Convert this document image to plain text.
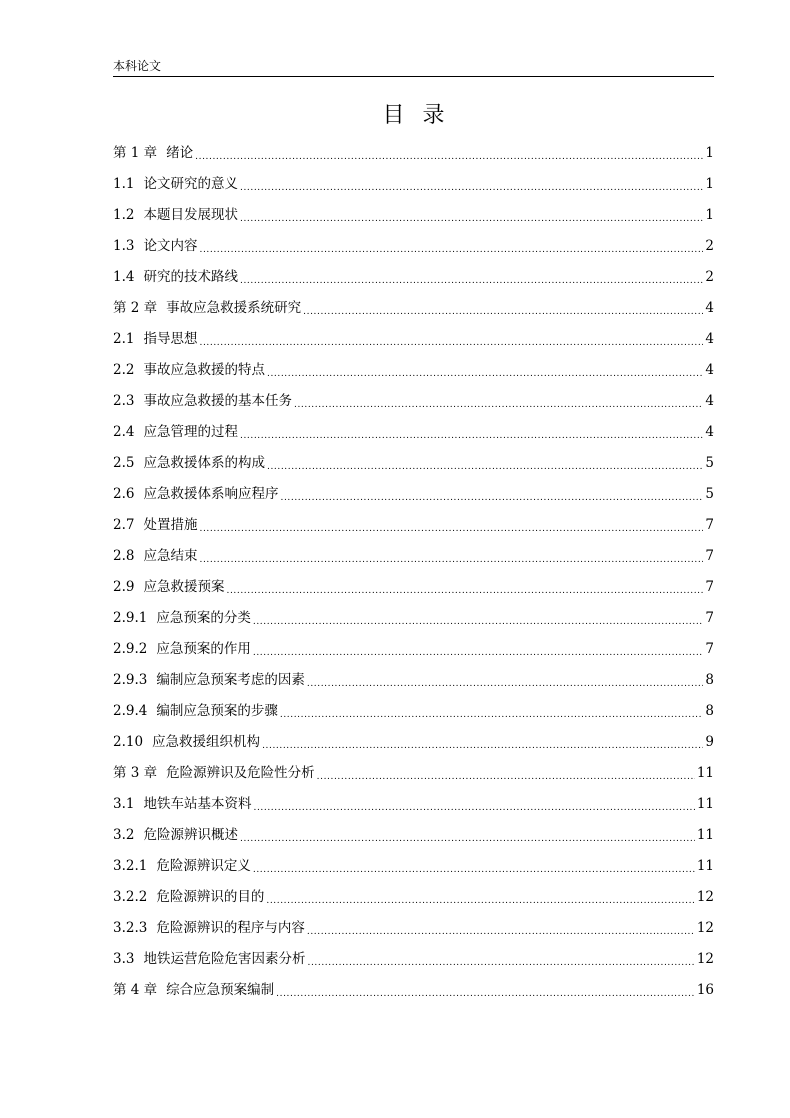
本科论文
目录
第 1 章 绪论 .....	1
1.1 论文研究的意义 .....	1
1.2 本题目发展现状 .....	1
1.3 论文内容 .....	2
1.4 研究的技术路线 .....	2
第 2 章 事故应急救援系统研究 .....	4
2.1 指导思想 .....	4
2.2 事故应急救援的特点 .....	4
2.3 事故应急救援的基本任务 .....	4
2.4 应急管理的过程 .....	4
2.5 应急救援体系的构成 .....	5
2.6 应急救援体系响应程序 .....	5
2.7 处置措施 .....	7
2.8 应急结束 .....	7
2.9 应急救援预案 .....	7
2.9.1 应急预案的分类 .....	7
2.9.2 应急预案的作用 .....	7
2.9.3 编制应急预案考虑的因素 .....	8
2.9.4 编制应急预案的步骤 .....	8
2.10 应急救援组织机构 .....	9
第 3 章 危险源辨识及危险性分析 .....	11
3.1 地铁车站基本资料 .....	11
3.2 危险源辨识概述 .....	11
3.2.1 危险源辨识定义 .....	11
3.2.2 危险源辨识的目的 .....	12
3.2.3 危险源辨识的程序与内容 .....	12
3.3 地铁运营危险危害因素分析 .....	12
第 4 章 综合应急预案编制 .....	16
